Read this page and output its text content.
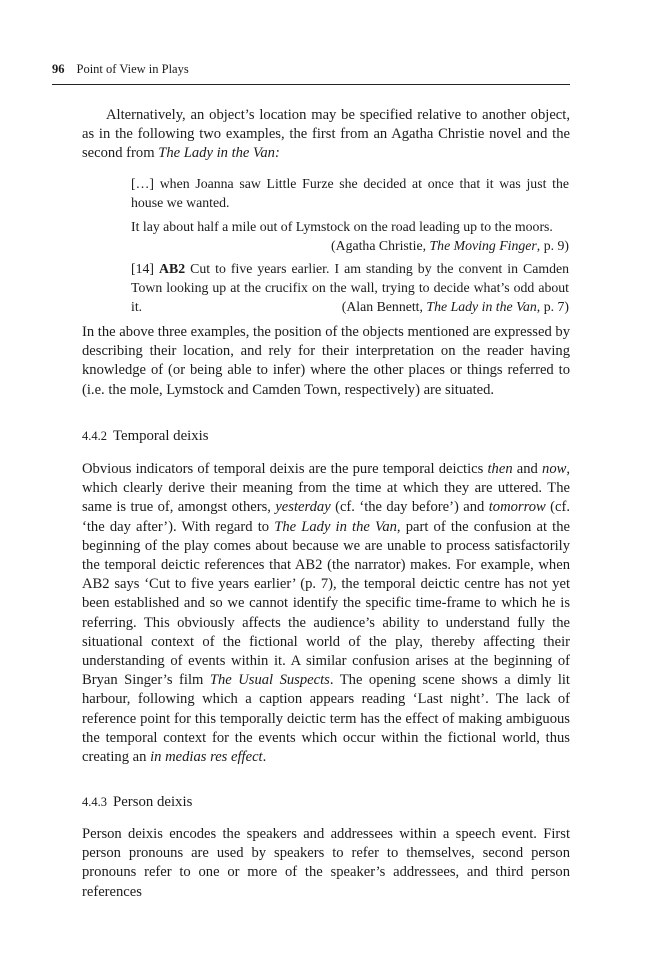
96 Point of View in Plays

Alternatively, an object’s location may be specified relative to another object, as in the following two examples, the first from an Agatha Christie novel and the second from The Lady in the Van:

[…] when Joanna saw Little Furze she decided at once that it was just the house we wanted.
It lay about half a mile out of Lymstock on the road leading up to the moors.
(Agatha Christie, The Moving Finger, p. 9)
[14] AB2 Cut to five years earlier. I am standing by the convent in Camden Town looking up at the crucifix on the wall, trying to decide what’s odd about it.	(Alan Bennett, The Lady in the Van, p. 7)

In the above three examples, the position of the objects mentioned are expressed by describing their location, and rely for their interpretation on the reader having knowledge of (or being able to infer) where the other places or things referred to (i.e. the mole, Lymstock and Camden Town, respectively) are situated.

4.4.2 Temporal deixis

Obvious indicators of temporal deixis are the pure temporal deictics then and now, which clearly derive their meaning from the time at which they are uttered. The same is true of, amongst others, yesterday (cf. ‘the day before’) and tomorrow (cf. ‘the day after’). With regard to The Lady in the Van, part of the confusion at the beginning of the play comes about because we are unable to process satisfactorily the temporal deictic references that AB2 (the narrator) makes. For example, when AB2 says ‘Cut to five years earlier’ (p. 7), the temporal deictic centre has not yet been established and so we cannot identify the specific time-frame to which he is referring. This obviously affects the audience’s ability to understand fully the situational context of the fictional world of the play, thereby affecting their understanding of events within it. A similar confusion arises at the beginning of Bryan Singer’s film The Usual Suspects. The opening scene shows a dimly lit harbour, following which a caption appears reading ‘Last night’. The lack of reference point for this temporally deictic term has the effect of making ambiguous the temporal context for the events which occur within the fictional world, thus creating an in medias res effect.

4.4.3 Person deixis

Person deixis encodes the speakers and addressees within a speech event. First person pronouns are used by speakers to refer to themselves, second person pronouns refer to one or more of the speaker’s addressees, and third person references
